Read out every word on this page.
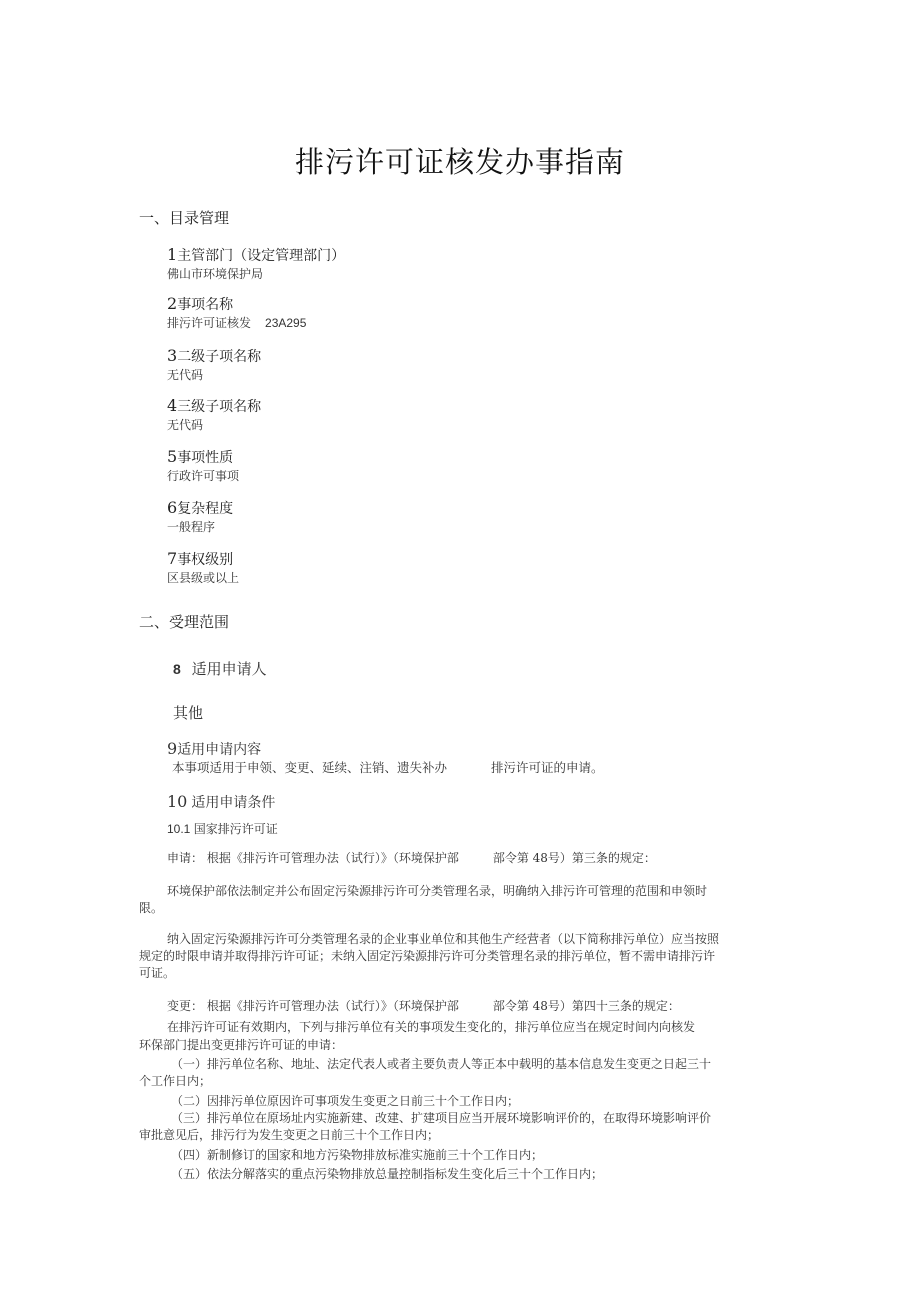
排污许可证核发办事指南
一、目录管理
1主管部门（设定管理部门）
佛山市环境保护局
2事项名称
排污许可证核发 23A295
3二级子项名称
无代码
4三级子项名称
无代码
5事项性质
行政许可事项
6复杂程度
一般程序
7事权级别
区县级或以上
二、受理范围
8 适用申请人
其他
9适用申请内容
本事项适用于申领、变更、延续、注销、遗失补办	排污许可证的申请。
10 适用申请条件
10.1 国家排污许可证
申请： 根据《排污许可管理办法（试行）》（环境保护部	部令第 48号）第三条的规定：
环境保护部依法制定并公布固定污染源排污许可分类管理名录，明确纳入排污许可管理的范围和申领时限。
纳入固定污染源排污许可分类管理名录的企业事业单位和其他生产经营者（以下简称排污单位）应当按照规定的时限申请并取得排污许可证；未纳入固定污染源排污许可分类管理名录的排污单位，暂不需申请排污许可证。
变更： 根据《排污许可管理办法（试行）》（环境保护部	部令第 48号）第四十三条的规定：
在排污许可证有效期内，下列与排污单位有关的事项发生变化的，排污单位应当在规定时间内向核发
环保部门提出变更排污许可证的申请：
（一）排污单位名称、地址、法定代表人或者主要负责人等正本中载明的基本信息发生变更之日起三十个工作日内；
（二）因排污单位原因许可事项发生变更之日前三十个工作日内；
（三）排污单位在原场址内实施新建、改建、扩建项目应当开展环境影响评价的，在取得环境影响评价审批意见后，排污行为发生变更之日前三十个工作日内；
（四）新制修订的国家和地方污染物排放标准实施前三十个工作日内；
（五）依法分解落实的重点污染物排放总量控制指标发生变化后三十个工作日内；
